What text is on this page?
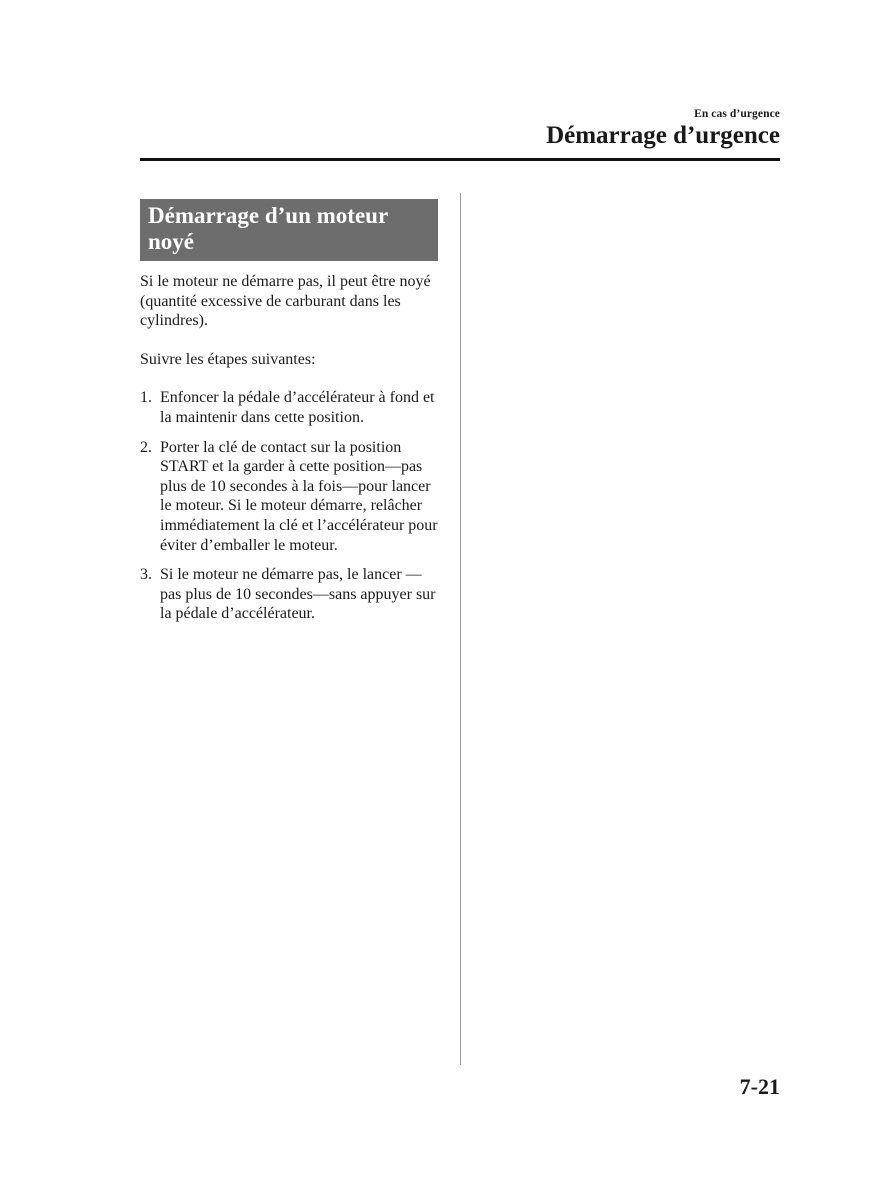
En cas d’urgence
Démarrage d’urgence
Démarrage d’un moteur noyé

Si le moteur ne démarre pas, il peut être noyé (quantité excessive de carburant dans les cylindres).

Suivre les étapes suivantes:

1. Enfoncer la pédale d’accélérateur à fond et la maintenir dans cette position.
2. Porter la clé de contact sur la position START et la garder à cette position—pas plus de 10 secondes à la fois—pour lancer le moteur. Si le moteur démarre, relâcher immédiatement la clé et l’accélérateur pour éviter d’emballer le moteur.
3. Si le moteur ne démarre pas, le lancer —pas plus de 10 secondes—sans appuyer sur la pédale d’accélérateur.
7-21
